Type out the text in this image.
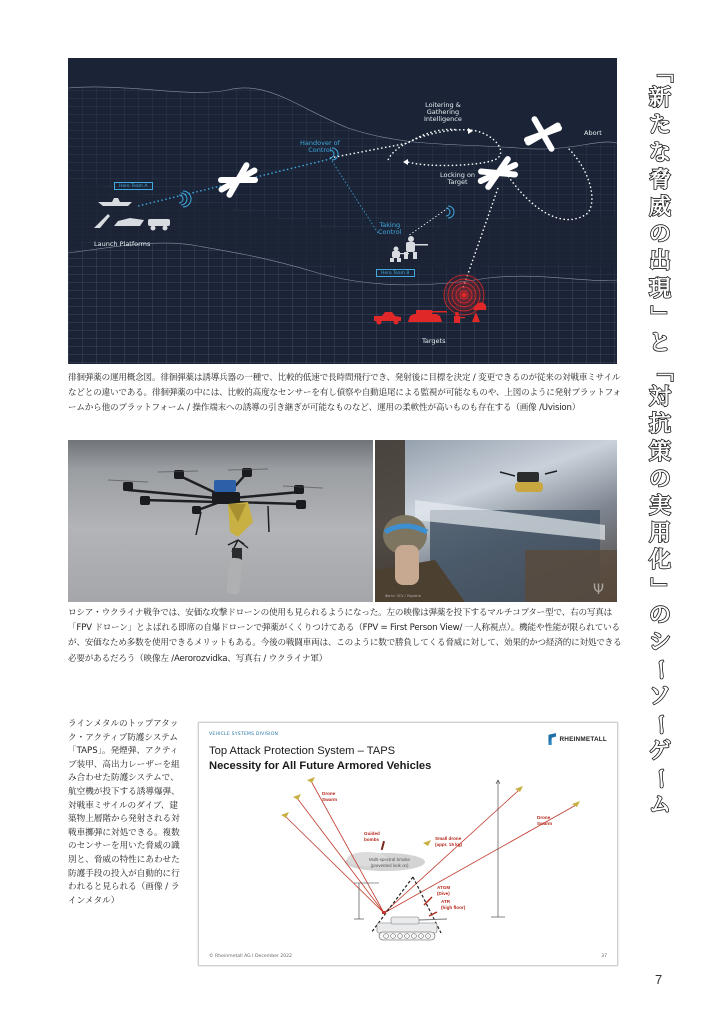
Loitering &
Gathering
Intelligence
Abort
Handover of
Control
Locking on
Target
Taking
Control
Launch Platforms
Targets
Hero Team A
Hero Team B
徘徊弾薬の運用概念図。徘徊弾薬は誘導兵器の一種で、比較的低速で長時間飛行でき、発射後に目標を決定 / 変更できるのが従来の対戦車ミサイルなどとの違いである。徘徊弾薬の中には、比較的高度なセンサーを有し偵察や自動追尾による監視が可能なものや、上図のように発射プラットフォームから他のプラットフォーム / 操作端末への誘導の引き継ぎが可能なものなど、運用の柔軟性が高いものも存在する（画像 /Uvision）
Ψ
Фото: ЗСУ / Україна
ロシア・ウクライナ戦争では、安価な攻撃ドローンの使用も見られるようになった。左の映像は弾薬を投下するマルチコプター型で、右の写真は「FPV ドローン」とよばれる即席の自爆ドローンで弾薬がくくりつけてある（FPV = First Person View/ 一人称視点）。機能や性能が限られているが、安価なため多数を使用できるメリットもある。今後の戦闘車両は、このように数で勝負してくる脅威に対して、効果的かつ経済的に対処できる必要があるだろう（映像左 /Aerorozvidka、写真右 / ウクライナ軍）
ラインメタルのトップアタック・アクティブ防護システム「TAPS」。発煙弾、アクティブ装甲、高出力レーザーを組み合わせた防護システムで、航空機が投下する誘導爆弾、対戦車ミサイルのダイブ、建築物上層階から発射される対戦車擲弾に対処できる。複数のセンサーを用いた脅威の識別と、脅威の特性にあわせた防護手段の投入が自動的に行われると見られる（画像 / ラインメタル）
VEHICLE SYSTEMS DIVISION
Top Attack Protection System – TAPS
Necessity for All Future Armored Vehicles
RHEINMETALL
Drone
Swarm
Drone
Swarm
Guided
bombs	Small drone
(appr. 15 kg)
Multi-spectral Smoke
(prevented look on)
ATGM
(Dive)
ATR
(high floor)
© Rheinmetall AG I December 2022	37
「
新
た
な
脅
威
の
出
現
」
と
「
対
抗
策
の
実
用
化
」
の
シ
ー
ソ
ー
ゲ
ー
ム
7
